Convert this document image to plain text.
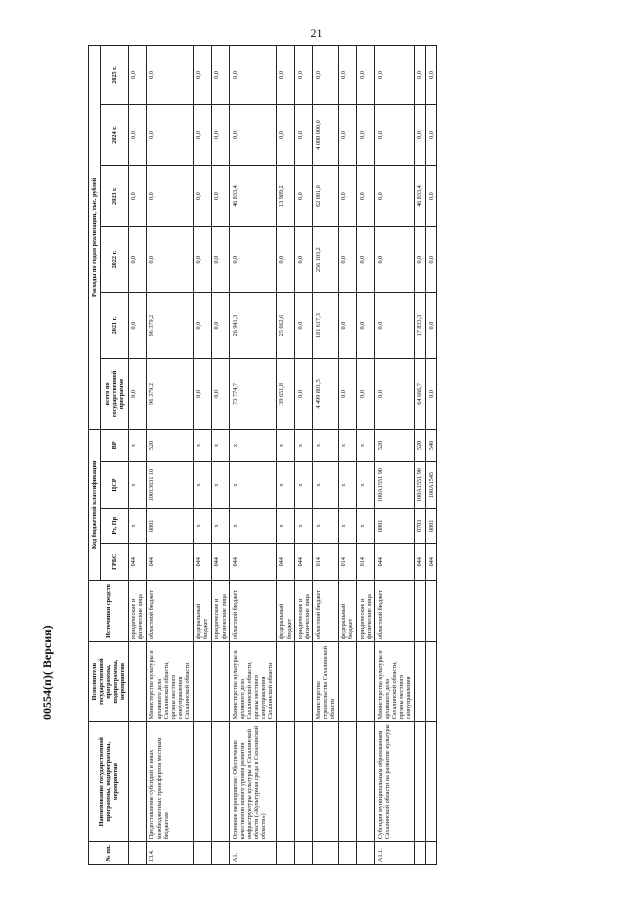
21
№ пп.	Наименование государственной программы, подпрограммы, мероприятия	Исполнители государственной программы, подпрограммы, мероприятия	Источники средств	Код бюджетной классификации				Расходы по годам реализации, тыс. рублей					
				ГРБС	Рз, Пр	ЦСР	ВР	всего по государственной программе	2021 г.	2022 г.	2023 г.	2024 г.	2025 г.
			юридические и физические лица	044	х	х	х	0,0	0,0	0,0	0,0	0,0	0,0
13.4.	Предоставление субсидий и иных межбюджетных трансфертов местным бюджетам	Министерство культуры и архивного дела Сахалинской области, органы местного самоуправления Сахалинской области	областной бюджет	044	0801	10013631 10	520	96 379,2	96 379,2	0,0	0,0	0,0	0,0
			федеральный бюджет	044	х	х	х	0,0	0,0	0,0	0,0	0,0	0,0
			юридические и физические лица	044	х	х	х	0,0	0,0	0,0	0,0	0,0	0,0
А1.	Основное мероприятие: Обеспечение качественно нового уровня развития инфраструктуры культуры в Сахалинской области («Культурная среда в Сахалинской области»)	Министерство культуры и архивного дела Сахалинской области, органы местного самоуправления Сахалинской области	областной бюджет	044	х	х	х	73 774,7	26 941,3	0,0	46 833,4	0,0	0,0
			федеральный бюджет	044	х	х	х	39 651,8	25 662,6	0,0	13 989,2	0,0	0,0
			юридические и физические лица	044	х	х	х	0,0	0,0	0,0	0,0	0,0	0,0
		Министерство строительства Сахалинской области	областной бюджет	014	х	х	х	4 499 801,5	181 617,3	256 103,2	62 081,0	4 000 000,0	0,0
			федеральный бюджет	014	х	х	х	0,0	0,0	0,0	0,0	0,0	0,0
			юридические и физические лица	014	х	х	х	0,0	0,0	0,0	0,0	0,0	0,0
А1.1.	Субсидия муниципальным образованиям Сахалинской области на развитие культуры	Министерство культуры и архивного дела Сахалинской области, органы местного самоуправления	областной бюджет	044	0801	100А1551 90	520	0,0	0,0	0,0	0,0	0,0	0,0
				044	0703	100А1551 90	520	64 666,7	17 833,3	0,0	46 833,4	0,0	0,0
				044	0801	100А1545	540	0,0	0,0	0,0	0,0	0,0	0,0
00554(п)( Версия)
